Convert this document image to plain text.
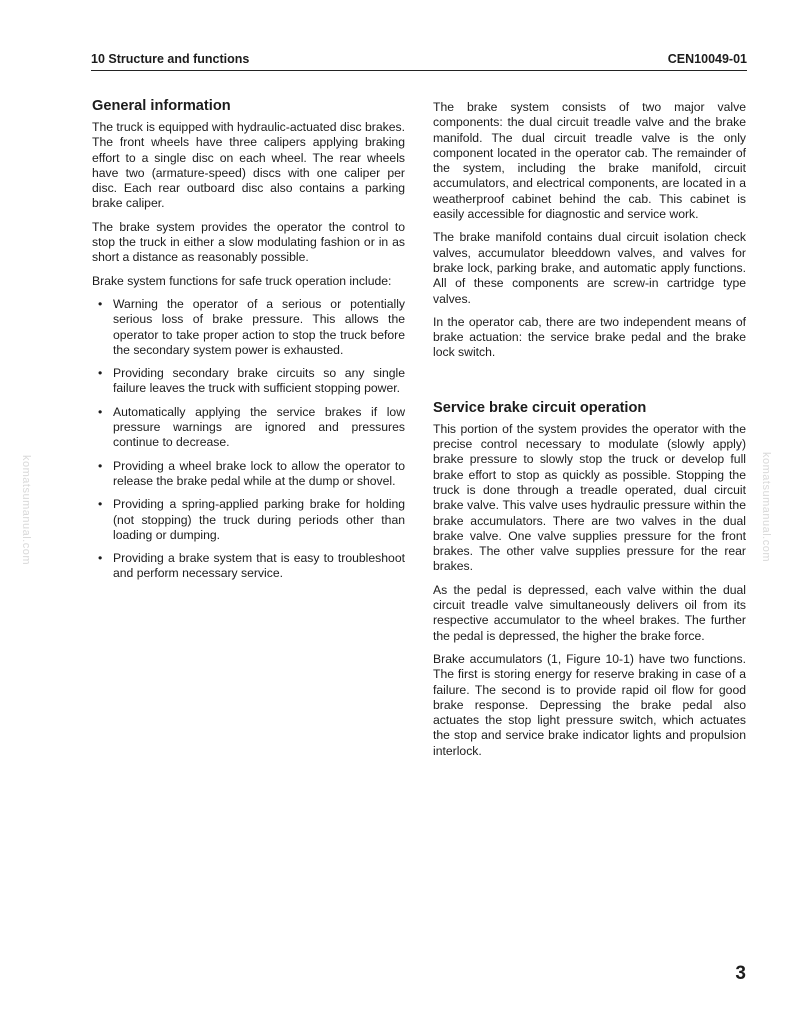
10 Structure and functions	CEN10049-01
General information

The truck is equipped with hydraulic-actuated disc brakes. The front wheels have three calipers applying braking effort to a single disc on each wheel. The rear wheels have two (armature-speed) discs with one caliper per disc. Each rear outboard disc also contains a parking brake caliper.

The brake system provides the operator the control to stop the truck in either a slow modulating fashion or in as short a distance as reasonably possible.

Brake system functions for safe truck operation include:

• Warning the operator of a serious or potentially serious loss of brake pressure. This allows the operator to take proper action to stop the truck before the secondary system power is exhausted.
• Providing secondary brake circuits so any single failure leaves the truck with sufficient stopping power.
• Automatically applying the service brakes if low pressure warnings are ignored and pressures continue to decrease.
• Providing a wheel brake lock to allow the operator to release the brake pedal while at the dump or shovel.
• Providing a spring-applied parking brake for holding (not stopping) the truck during periods other than loading or dumping.
• Providing a brake system that is easy to troubleshoot and perform necessary service.

The brake system consists of two major valve components: the dual circuit treadle valve and the brake manifold. The dual circuit treadle valve is the only component located in the operator cab. The remainder of the system, including the brake manifold, circuit accumulators, and electrical components, are located in a weatherproof cabinet behind the cab. This cabinet is easily accessible for diagnostic and service work.

The brake manifold contains dual circuit isolation check valves, accumulator bleeddown valves, and valves for brake lock, parking brake, and automatic apply functions. All of these components are screw-in cartridge type valves.

In the operator cab, there are two independent means of brake actuation: the service brake pedal and the brake lock switch.

Service brake circuit operation

This portion of the system provides the operator with the precise control necessary to modulate (slowly apply) brake pressure to slowly stop the truck or develop full brake effort to stop as quickly as possible. Stopping the truck is done through a treadle operated, dual circuit brake valve. This valve uses hydraulic pressure within the brake accumulators. There are two valves in the dual brake valve. One valve supplies pressure for the front brakes. The other valve supplies pressure for the rear brakes.

As the pedal is depressed, each valve within the dual circuit treadle valve simultaneously delivers oil from its respective accumulator to the wheel brakes. The further the pedal is depressed, the higher the brake force.

Brake accumulators (1, Figure 10-1) have two functions. The first is storing energy for reserve braking in case of a failure. The second is to provide rapid oil flow for good brake response. Depressing the brake pedal also actuates the stop light pressure switch, which actuates the stop and service brake indicator lights and propulsion interlock.

komatsumanual.com	komatsumanual.com
3
